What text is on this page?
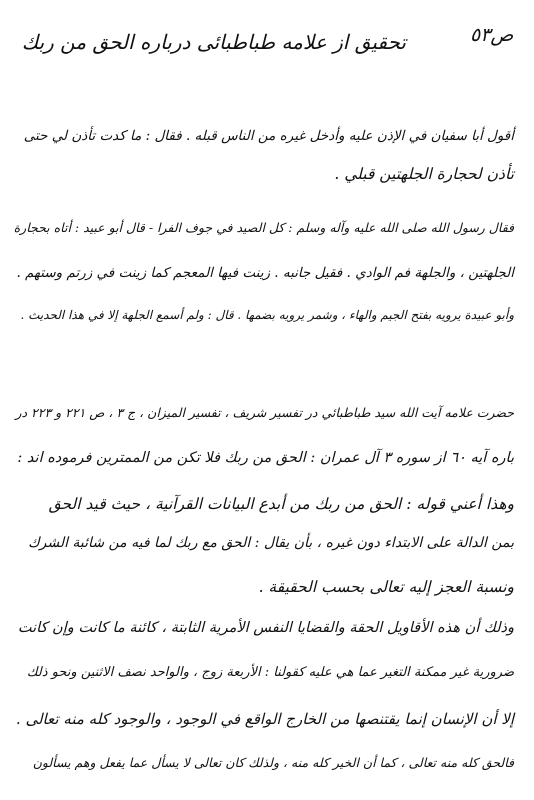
ص٥٣
تحقيق از علامه طباطبائی درباره الحق من ربك
أقول أبا سفيان في الإذن عليه وأدخل غيره من الناس قبله . فقال : ما كدت تأذن لي حتى
تأذن لحجارة الجلهتين قبلي .
فقال رسول الله صلى الله عليه وآله وسلم : كل الصيد في جوف الفرا - قال أبو عبيد : أتاه بحجارة
الجلهتين ، والجلهة فم الوادي . فقيل جانبه . زينت فيها المعجم كما زينت في زرتم وستهم .
وأبو عبيدة يرويه بفتح الجيم والهاء ، وشمر يرويه بضمها . قال : ولم أسمع الجلهة إلا في هذا الحديث .
حضرت علامه آيت الله سيد طباطبائي در تفسير شريف ، تفسير الميزان ، ج ٣ ، ص ٢٢١ و ٢٢٣ در
باره آيه ٦٠ از سوره ٣ آل عمران : الحق من ربك فلا تكن من الممترين فرموده اند :
وهذا أعني قوله : الحق من ربك من أبدع البيانات القرآنية ، حيث قيد الحق
بمن الدالة على الابتداء دون غيره ، بأن يقال : الحق مع ربك لما فيه من شائبة الشرك
ونسبة العجز إليه تعالى بحسب الحقيقة .
وذلك أن هذه الأقاويل الحقة والقضايا النفس الأمرية الثابتة ، كائنة ما كانت وإن كانت
ضرورية غير ممكنة التغير عما هي عليه كقولنا : الأربعة زوج ، والواحد نصف الاثنين ونحو ذلك
إلا أن الإنسان إنما يقتنصها من الخارج الواقع في الوجود ، والوجود كله منه تعالى .
فالحق كله منه تعالى ، كما أن الخير كله منه ، ولذلك كان تعالى لا يسأل عما يفعل وهم يسألون
